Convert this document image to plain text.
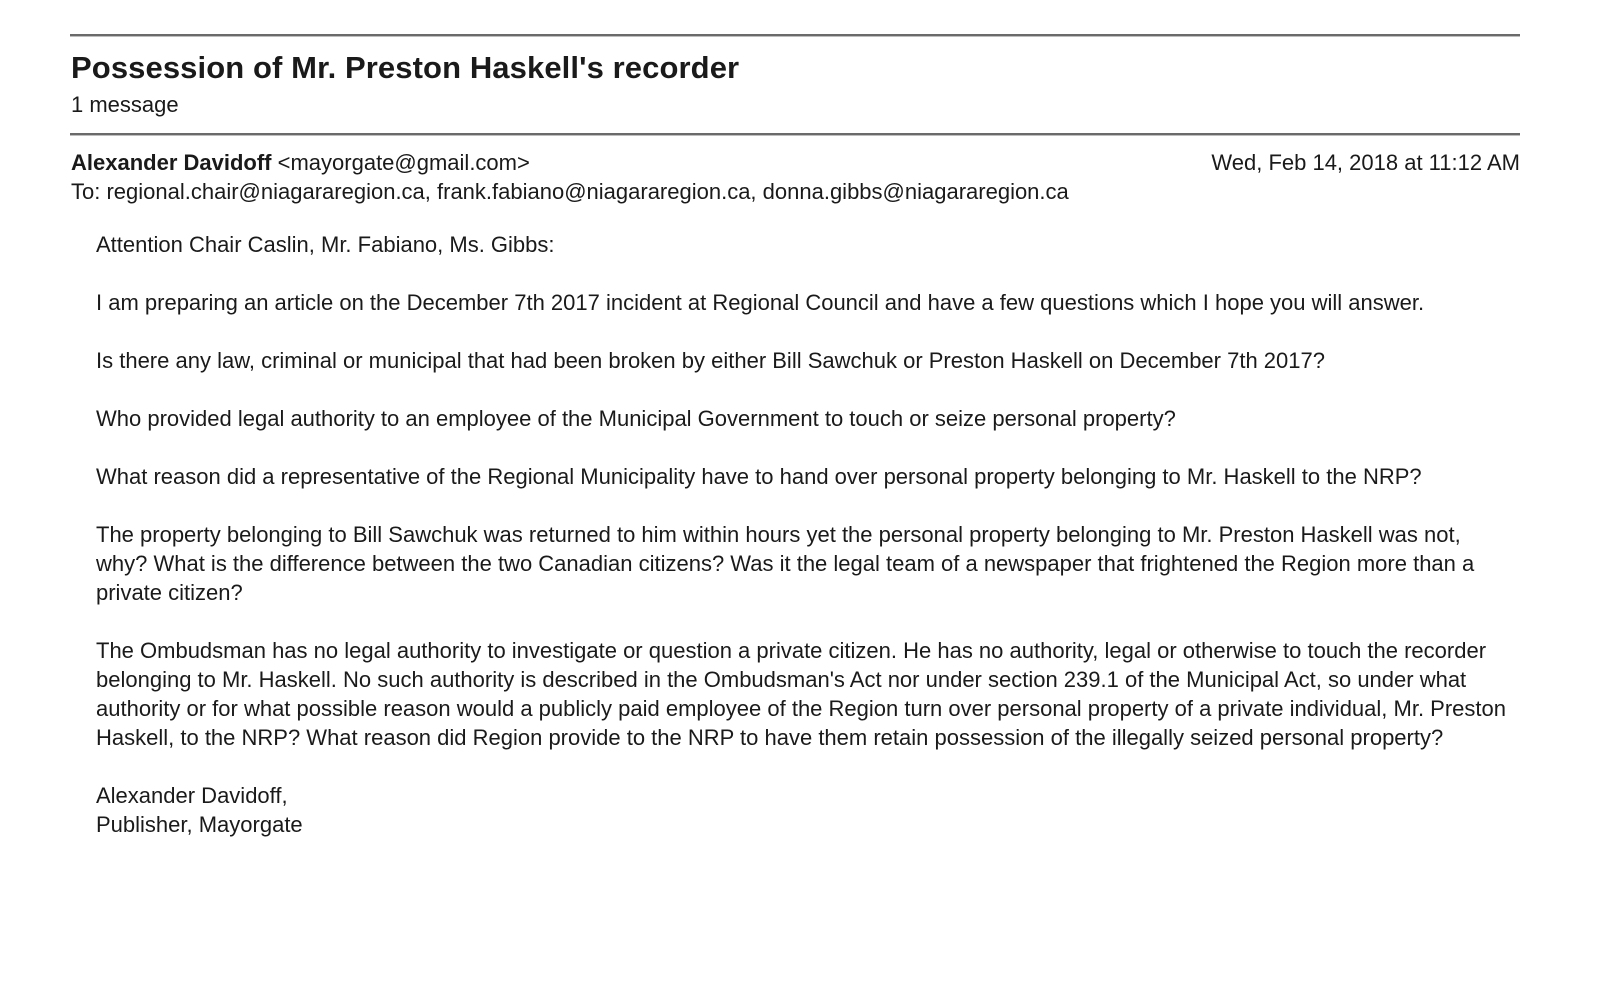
Possession of Mr. Preston Haskell's recorder
1 message
Alexander Davidoff <mayorgate@gmail.com>	Wed, Feb 14, 2018 at 11:12 AM
To: regional.chair@niagararegion.ca, frank.fabiano@niagararegion.ca, donna.gibbs@niagararegion.ca

Attention Chair Caslin, Mr. Fabiano, Ms. Gibbs:

I am preparing an article on the December 7th 2017 incident at Regional Council and have a few questions which I hope you will answer.

Is there any law, criminal or municipal that had been broken by either Bill Sawchuk or Preston Haskell on December 7th 2017?

Who provided legal authority to an employee of the Municipal Government to touch or seize personal property?

What reason did a representative of the Regional Municipality have to hand over personal property belonging to Mr. Haskell to the NRP?

The property belonging to Bill Sawchuk was returned to him within hours yet the personal property belonging to Mr. Preston Haskell was not, why? What is the difference between the two Canadian citizens? Was it the legal team of a newspaper that frightened the Region more than a private citizen?

The Ombudsman has no legal authority to investigate or question a private citizen. He has no authority, legal or otherwise to touch the recorder belonging to Mr. Haskell. No such authority is described in the Ombudsman's Act nor under section 239.1 of the Municipal Act, so under what authority or for what possible reason would a publicly paid employee of the Region turn over personal property of a private individual, Mr. Preston Haskell, to the NRP? What reason did Region provide to the NRP to have them retain possession of the illegally seized personal property?

Alexander Davidoff,
Publisher, Mayorgate
